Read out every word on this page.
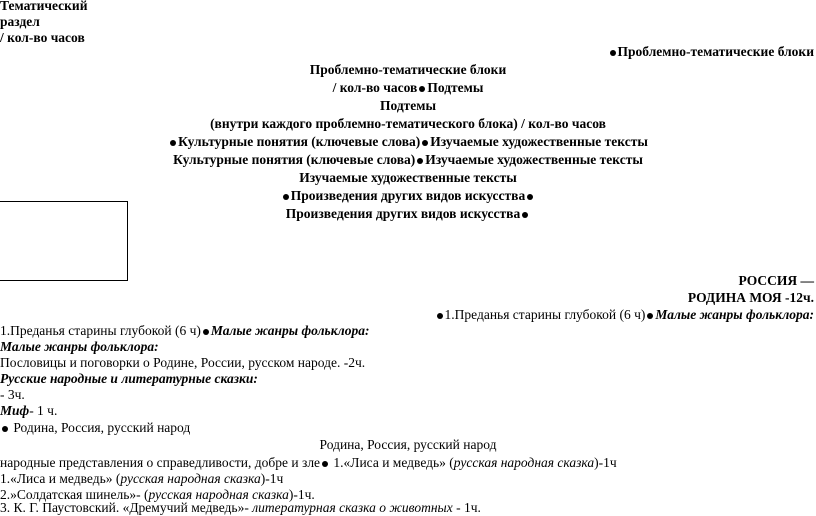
Тематический
раздел
/ кол-во часов
Проблемно-тематические блоки
Проблемно-тематические блоки
/ кол-во часов Подтемы
Подтемы
(внутри каждого проблемно-тематического блока) / кол-во часов
Культурные понятия (ключевые слова) Изучаемые художественные тексты
Культурные понятия (ключевые слова) Изучаемые художественные тексты
Изучаемые художественные тексты
Произведения других видов искусства
Произведения других видов искусства
РОССИЯ —
РОДИНА МОЯ -12ч.
1.Преданья старины глубокой (6 ч) Малые жанры фольклора:
1.Преданья старины глубокой (6 ч) Малые жанры фольклора:
Малые жанры фольклора:
Пословицы и поговорки о Родине, России, русском народе. -2ч.
Русские народные и литературные сказки:
- 3ч.
Миф- 1 ч.
Родина, Россия, русский народ
Родина, Россия, русский народ
народные представления о справедливости, добре и зле 1.«Лиса и медведь» (русская народная сказка)-1ч
1.«Лиса и медведь» (русская народная сказка)-1ч
2.»Солдатская шинель»- (русская народная сказка)-1ч.
3. К. Г. Паустовский. «Дремучий медведь»- литературная сказка о животных - 1ч.
